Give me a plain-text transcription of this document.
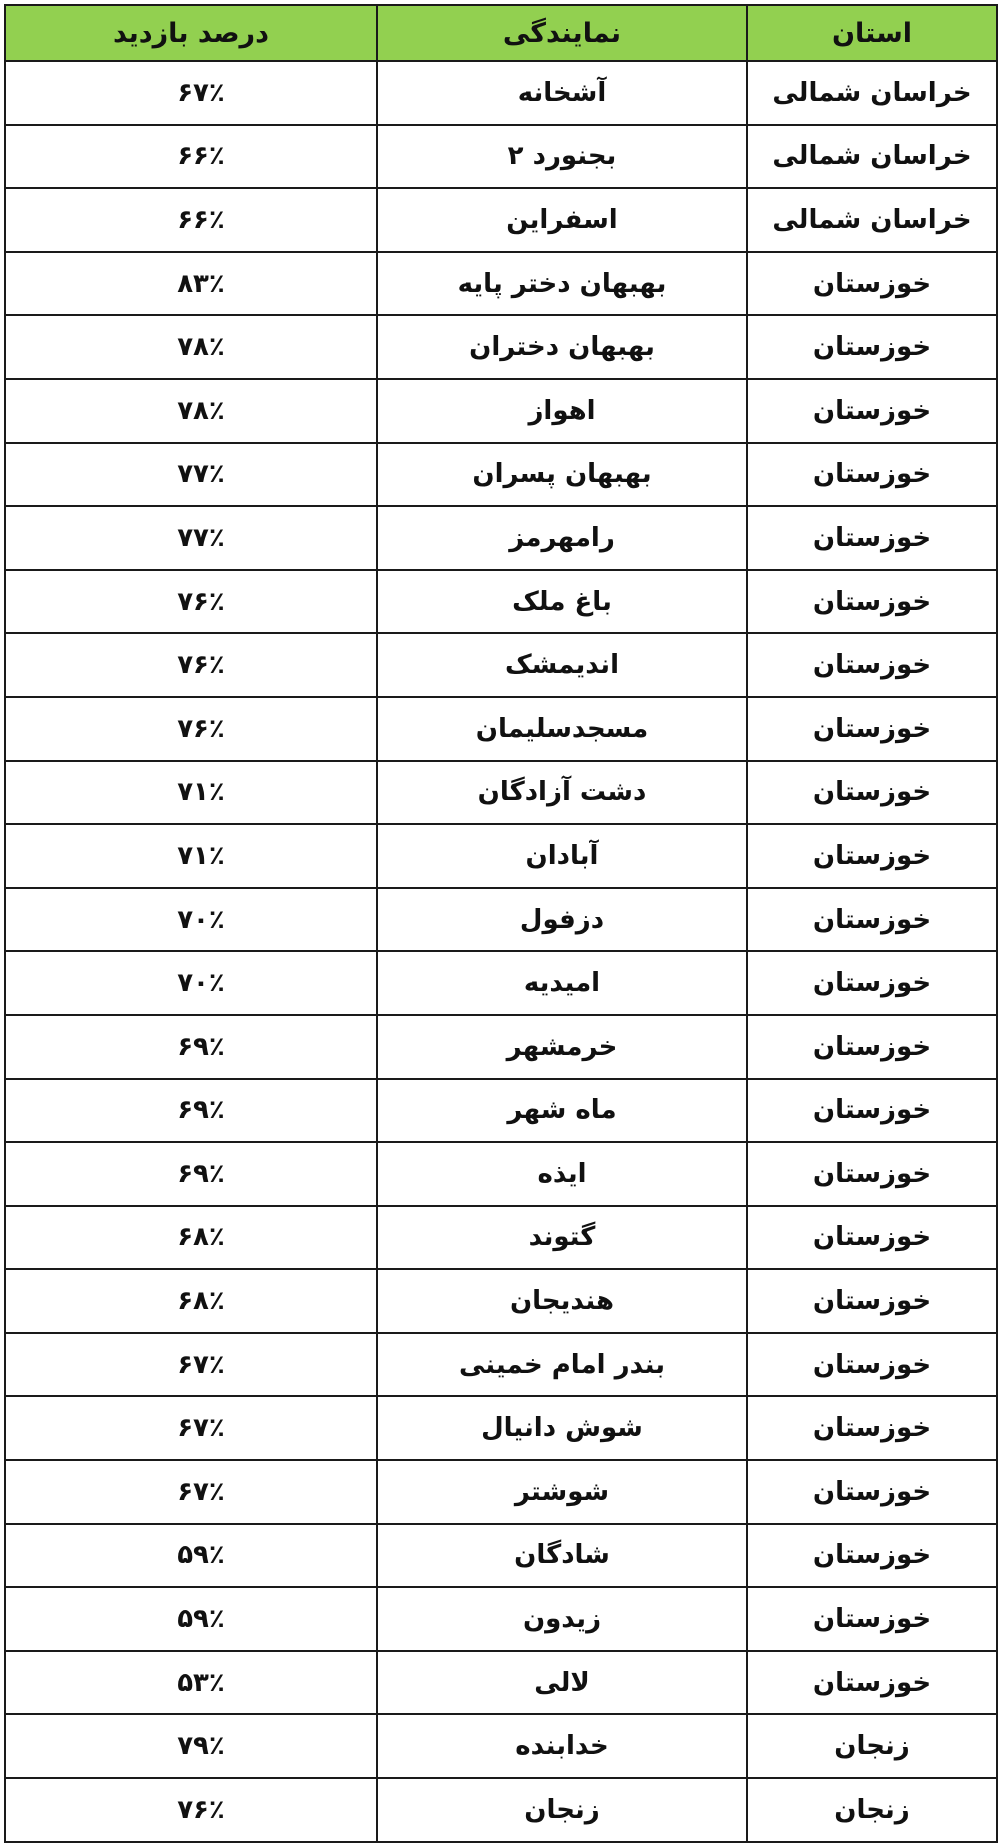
استان	نمایندگی	درصد بازدید
خراسان شمالی	آشخانه	۶۷٪
خراسان شمالی	بجنورد ۲	۶۶٪
خراسان شمالی	اسفراین	۶۶٪
خوزستان	بهبهان دختر پایه	۸۳٪
خوزستان	بهبهان دختران	۷۸٪
خوزستان	اهواز	۷۸٪
خوزستان	بهبهان پسران	۷۷٪
خوزستان	رامهرمز	۷۷٪
خوزستان	باغ ملک	۷۶٪
خوزستان	اندیمشک	۷۶٪
خوزستان	مسجدسلیمان	۷۶٪
خوزستان	دشت آزادگان	۷۱٪
خوزستان	آبادان	۷۱٪
خوزستان	دزفول	۷۰٪
خوزستان	امیدیه	۷۰٪
خوزستان	خرمشهر	۶۹٪
خوزستان	ماه شهر	۶۹٪
خوزستان	ایذه	۶۹٪
خوزستان	گتوند	۶۸٪
خوزستان	هندیجان	۶۸٪
خوزستان	بندر امام خمینی	۶۷٪
خوزستان	شوش دانیال	۶۷٪
خوزستان	شوشتر	۶۷٪
خوزستان	شادگان	۵۹٪
خوزستان	زیدون	۵۹٪
خوزستان	لالی	۵۳٪
زنجان	خدابنده	۷۹٪
زنجان	زنجان	۷۶٪
